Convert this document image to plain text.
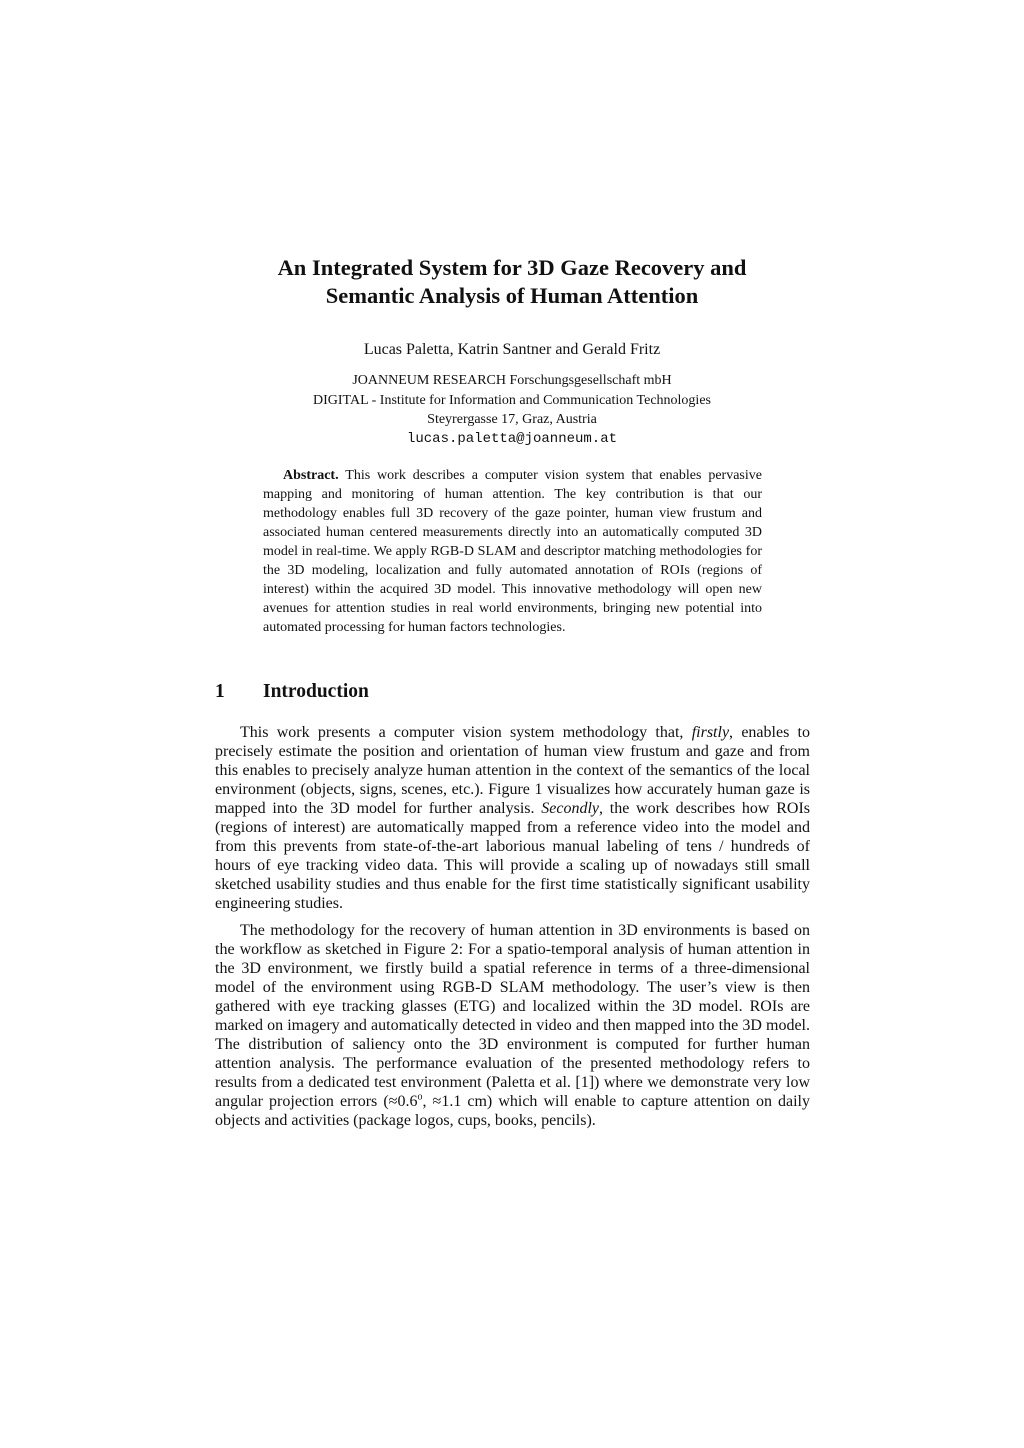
An Integrated System for 3D Gaze Recovery and
Semantic Analysis of Human Attention
Lucas Paletta, Katrin Santner and Gerald Fritz
JOANNEUM RESEARCH Forschungsgesellschaft mbH
DIGITAL - Institute for Information and Communication Technologies
Steyrergasse 17, Graz, Austria
lucas.paletta@joanneum.at

Abstract. This work describes a computer vision system that enables pervasive mapping and monitoring of human attention. The key contribution is that our methodology enables full 3D recovery of the gaze pointer, human view frustum and associated human centered measurements directly into an automatically computed 3D model in real-time. We apply RGB-D SLAM and descriptor matching methodologies for the 3D modeling, localization and fully automated annotation of ROIs (regions of interest) within the acquired 3D model. This innovative methodology will open new avenues for attention studies in real world environments, bringing new potential into automated processing for human factors technologies.

1 Introduction

This work presents a computer vision system methodology that, firstly, enables to precisely estimate the position and orientation of human view frustum and gaze and from this enables to precisely analyze human attention in the context of the semantics of the local environment (objects, signs, scenes, etc.). Figure 1 visualizes how accurately human gaze is mapped into the 3D model for further analysis. Secondly, the work describes how ROIs (regions of interest) are automatically mapped from a reference video into the model and from this prevents from state-of-the-art laborious manual labeling of tens / hundreds of hours of eye tracking video data. This will provide a scaling up of nowadays still small sketched usability studies and thus enable for the first time statistically significant usability engineering studies.

The methodology for the recovery of human attention in 3D environments is based on the workflow as sketched in Figure 2: For a spatio-temporal analysis of human attention in the 3D environment, we firstly build a spatial reference in terms of a three-dimensional model of the environment using RGB-D SLAM methodology. The user’s view is then gathered with eye tracking glasses (ETG) and localized within the 3D model. ROIs are marked on imagery and automatically detected in video and then mapped into the 3D model. The distribution of saliency onto the 3D environment is computed for further human attention analysis. The performance evaluation of the presented methodology refers to results from a dedicated test environment (Paletta et al. [1]) where we demonstrate very low angular projection errors ($\approx 0.6^o$, ≈1.1 cm) which will enable to capture attention on daily objects and activities (package logos, cups, books, pencils).
